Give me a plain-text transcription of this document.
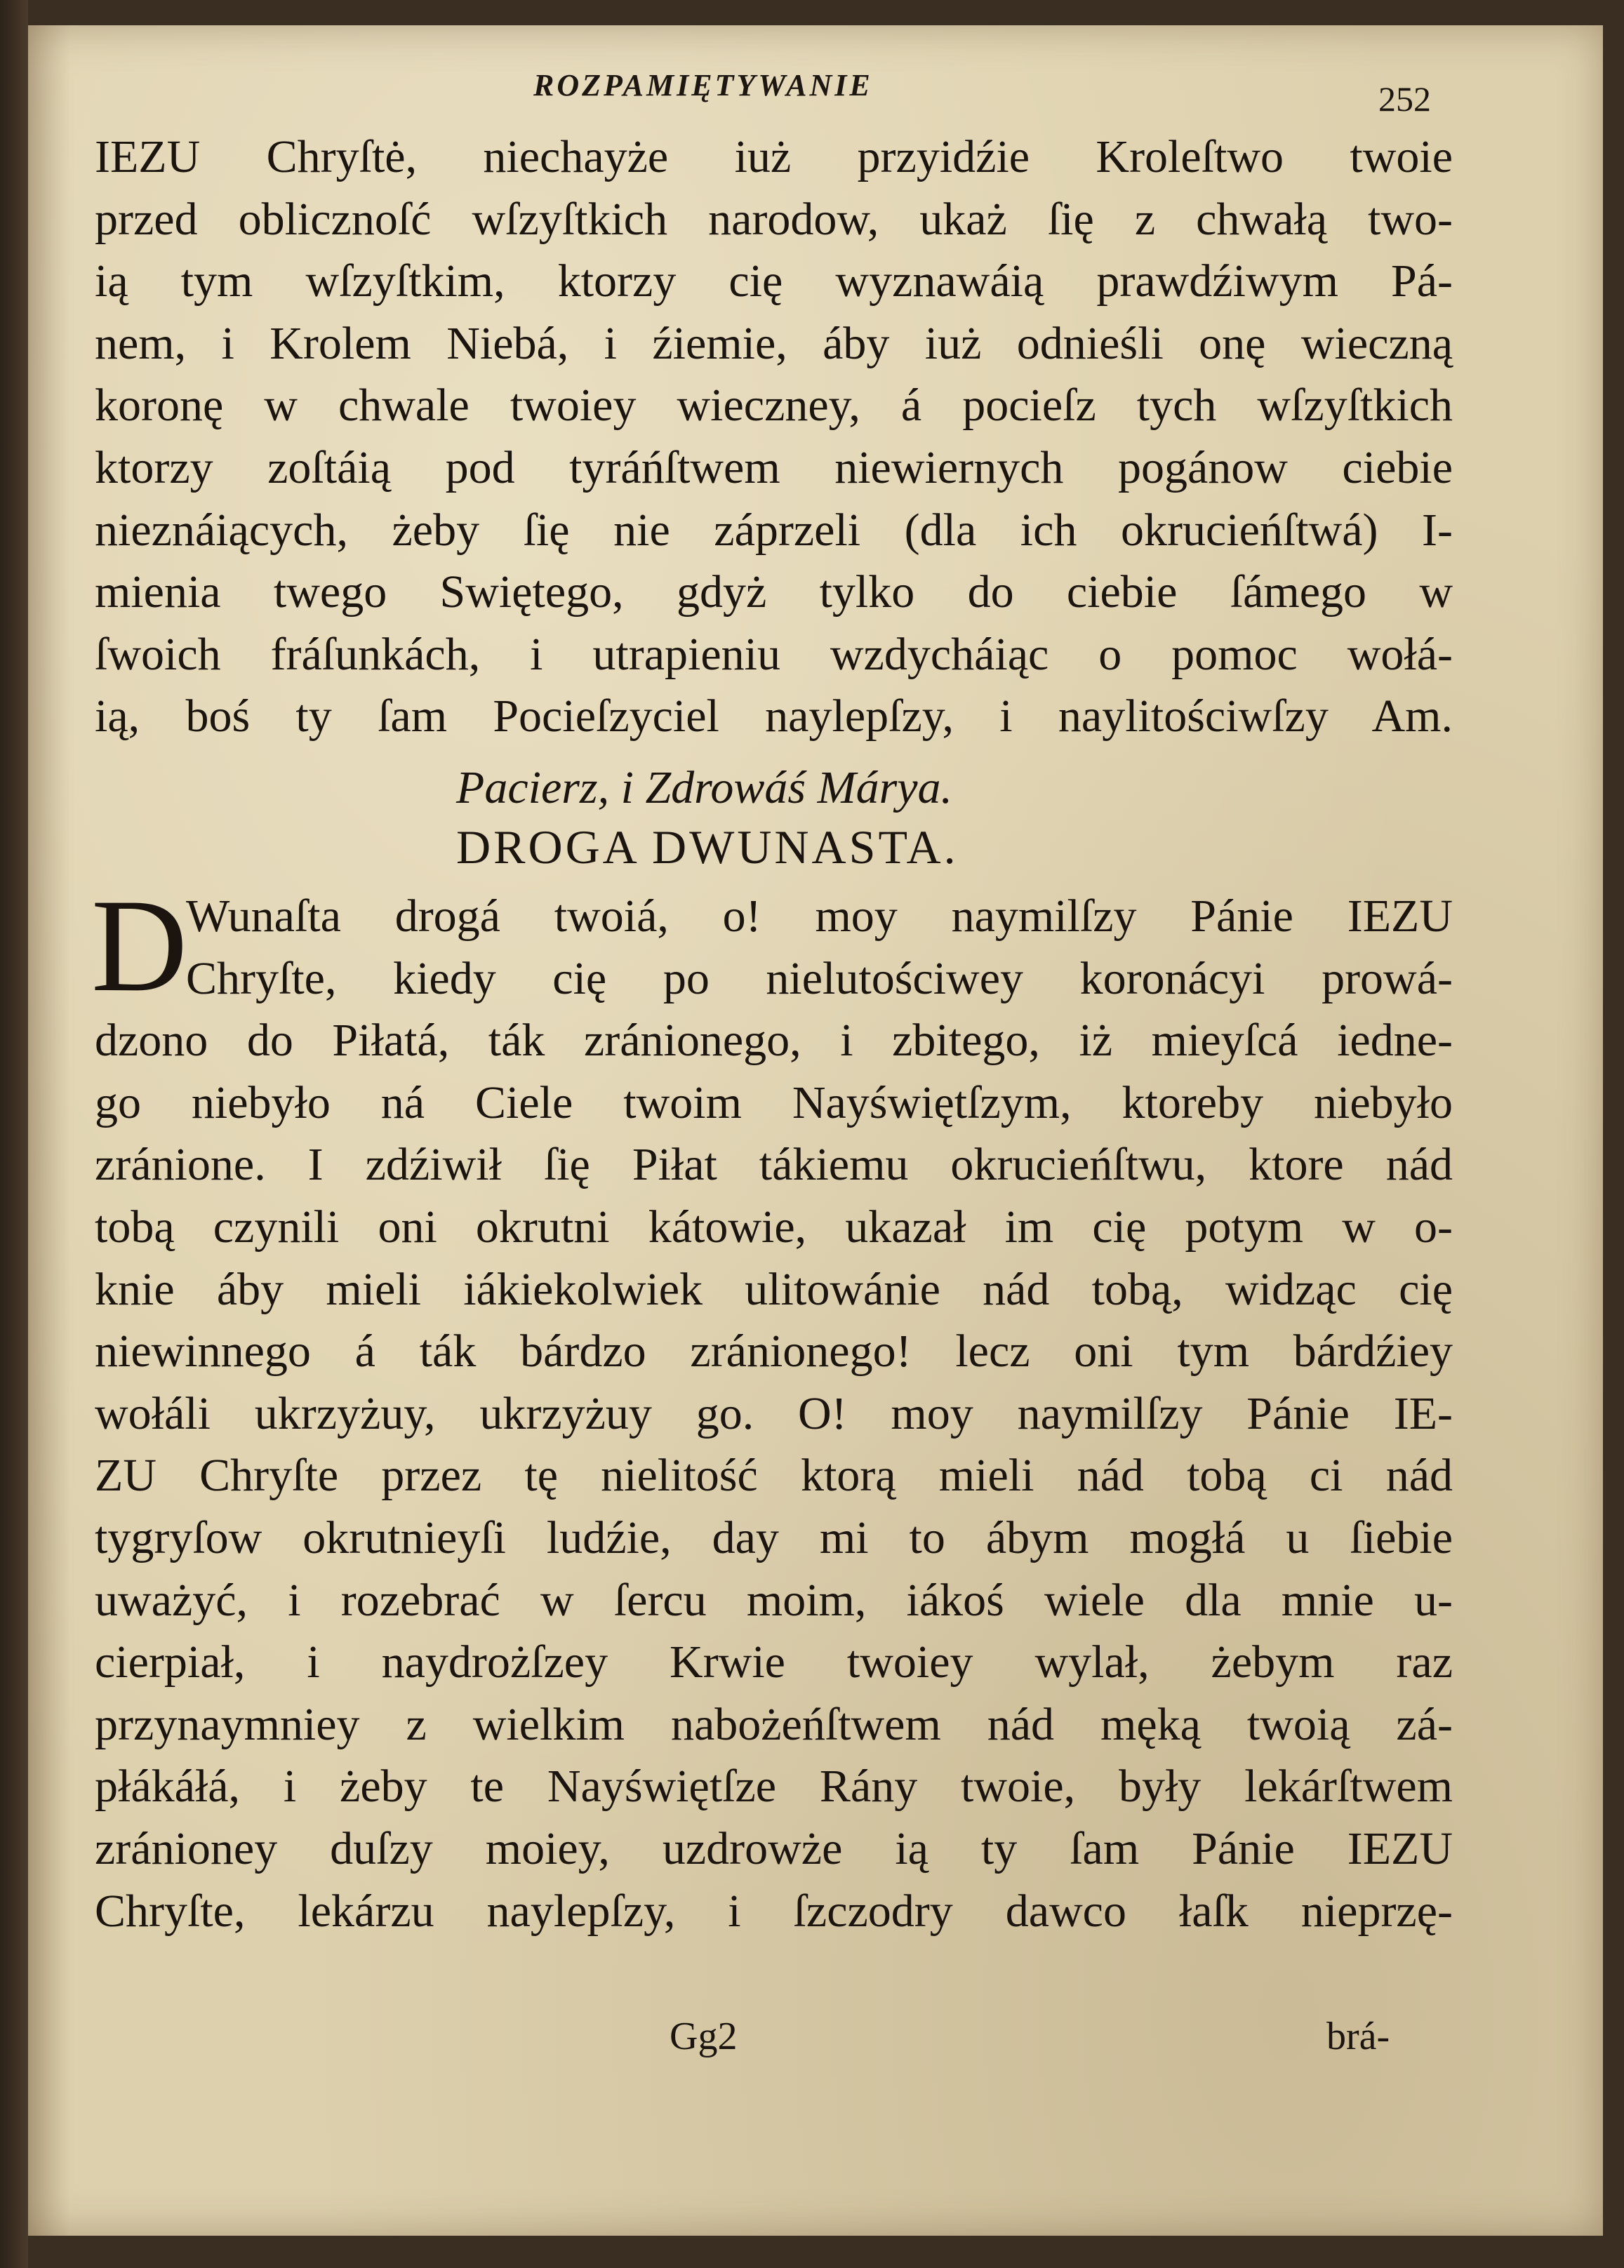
ROZPAMIĘTYWANIE	252
IEZU Chryſtė, niechayże iuż przyidźie Kroleſtwo twoie
przed oblicznoſć wſzyſtkich narodow, ukaż ſię z chwałą two-
ią tym wſzyſtkim, ktorzy cię wyznawáią prawdźiwym Pá-
nem, i Krolem Niebá, i źiemie, áby iuż odnieśli onę wieczną
koronę w chwale twoiey wieczney, á pocieſz tych wſzyſtkich
ktorzy zoſtáią pod tyráńſtwem niewiernych pogánow ciebie
nieznáiących, żeby ſię nie záprzeli (dla ich okrucieńſtwá) I-
mienia twego Swiętego, gdyż tylko do ciebie ſámego w
ſwoich fráſunkách, i utrapieniu wzdycháiąc o pomoc wołá-
ią, boś ty ſam Pocieſzyciel naylepſzy, i naylitościwſzy Am.
Pacierz, i Zdrowáś Márya.
DROGA DWUNASTA.
D
Wunaſta drogá twoiá, o! moy naymilſzy Pánie IEZU
Chryſte, kiedy cię po nielutościwey koronácyi prowá-
dzono do Piłatá, ták zránionego, i zbitego, iż mieyſcá iedne-
go niebyło ná Ciele twoim Nayświętſzym, ktoreby niebyło
zránione. I zdźiwił ſię Piłat tákiemu okrucieńſtwu, ktore nád
tobą czynili oni okrutni kátowie, ukazał im cię potym w o-
knie áby mieli iákiekolwiek ulitowánie nád tobą, widząc cię
niewinnego á ták bárdzo zránionego! lecz oni tym bárdźiey
wołáli ukrzyżuy, ukrzyżuy go. O! moy naymilſzy Pánie IE-
ZU Chryſte przez tę nielitość ktorą mieli nád tobą ci nád
tygryſow okrutnieyſi ludźie, day mi to ábym mogłá u ſiebie
uważyć, i rozebrać w ſercu moim, iákoś wiele dla mnie u-
cierpiał, i naydrożſzey Krwie twoiey wylał, żebym raz
przynaymniey z wielkim nabożeńſtwem nád męką twoią zá-
płákáłá, i żeby te Nayświętſze Rány twoie, były lekárſtwem
zránioney duſzy moiey, uzdrowże ią ty ſam Pánie IEZU
Chryſte, lekárzu naylepſzy, i ſzczodry dawco łaſk nieprzę-
Gg2	brá-
